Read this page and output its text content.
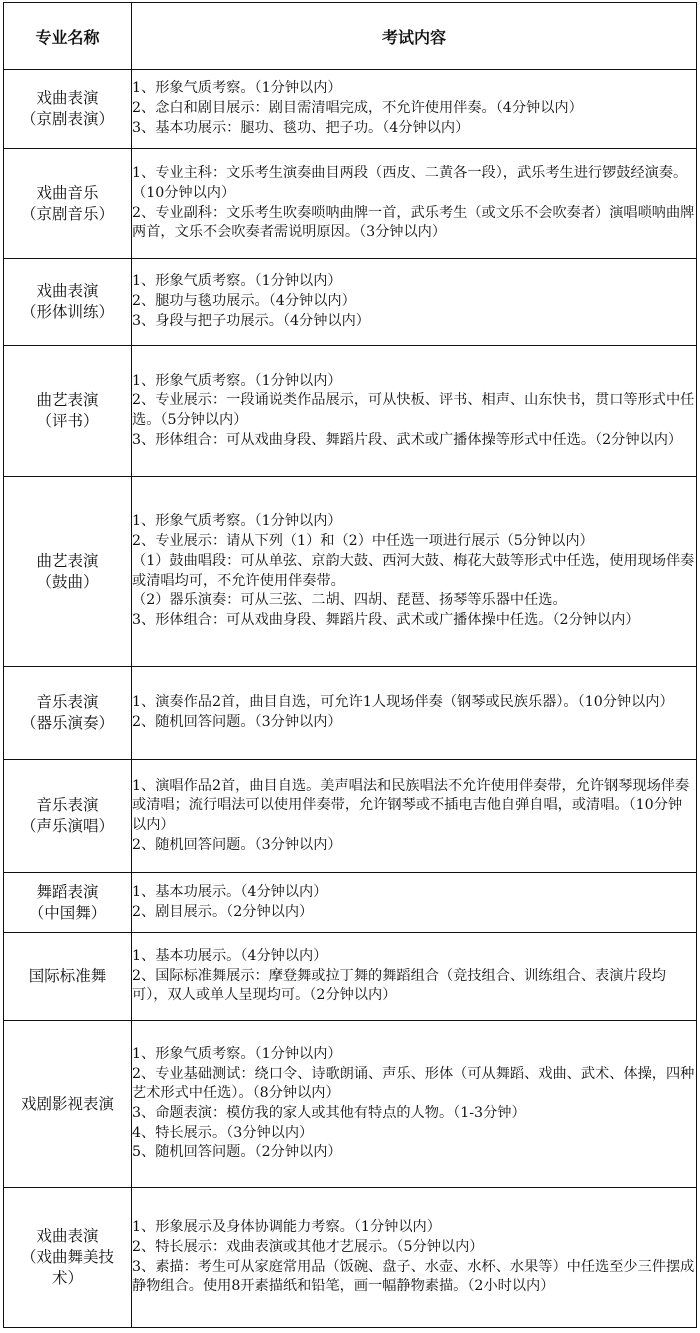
专业名称	考试内容

戏曲表演
（京剧表演）	1、形象气质考察。（1分钟以内）
2、念白和剧目展示：剧目需清唱完成，不允许使用伴奏。（4分钟以内）
3、基本功展示：腿功、毯功、把子功。（4分钟以内）

戏曲音乐
（京剧音乐）	1、专业主科：文乐考生演奏曲目两段（西皮、二黄各一段），武乐考生进行锣鼓经演奏。（10分钟以内）
2、专业副科：文乐考生吹奏唢呐曲牌一首，武乐考生（或文乐不会吹奏者）演唱唢呐曲牌两首，文乐不会吹奏者需说明原因。（3分钟以内）

戏曲表演
（形体训练）	1、形象气质考察。（1分钟以内）
2、腿功与毯功展示。（4分钟以内）
3、身段与把子功展示。（4分钟以内）

曲艺表演
（评书）	1、形象气质考察。（1分钟以内）
2、专业展示：一段诵说类作品展示，可从快板、评书、相声、山东快书，贯口等形式中任选。（5分钟以内）
3、形体组合：可从戏曲身段、舞蹈片段、武术或广播体操等形式中任选。（2分钟以内）

曲艺表演
（鼓曲）	1、形象气质考察。（1分钟以内）
2、专业展示：请从下列（1）和（2）中任选一项进行展示（5分钟以内）
（1）鼓曲唱段：可从单弦、京韵大鼓、西河大鼓、梅花大鼓等形式中任选，使用现场伴奏或清唱均可，不允许使用伴奏带。
（2）器乐演奏：可从三弦、二胡、四胡、琵琶、扬琴等乐器中任选。
3、形体组合：可从戏曲身段、舞蹈片段、武术或广播体操中任选。（2分钟以内）

音乐表演
（器乐演奏）	1、演奏作品2首，曲目自选，可允许1人现场伴奏（钢琴或民族乐器）。（10分钟以内）
2、随机回答问题。（3分钟以内）

音乐表演
（声乐演唱）	1、演唱作品2首，曲目自选。美声唱法和民族唱法不允许使用伴奏带，允许钢琴现场伴奏或清唱；流行唱法可以使用伴奏带，允许钢琴或不插电吉他自弹自唱，或清唱。（10分钟以内）
2、随机回答问题。（3分钟以内）

舞蹈表演
（中国舞）	1、基本功展示。（4分钟以内）
2、剧目展示。（2分钟以内）

国际标准舞	1、基本功展示。（4分钟以内）
2、国际标准舞展示：摩登舞或拉丁舞的舞蹈组合（竞技组合、训练组合、表演片段均可），双人或单人呈现均可。（2分钟以内）

戏剧影视表演	1、形象气质考察。（1分钟以内）
2、专业基础测试：绕口令、诗歌朗诵、声乐、形体（可从舞蹈、戏曲、武术、体操，四种艺术形式中任选）。（8分钟以内）
3、命题表演：模仿我的家人或其他有特点的人物。（1-3分钟）
4、特长展示。（3分钟以内）
5、随机回答问题。（2分钟以内）

戏曲表演
（戏曲舞美技
术）	1、形象展示及身体协调能力考察。（1分钟以内）
2、特长展示：戏曲表演或其他才艺展示。（5分钟以内）
3、素描：考生可从家庭常用品（饭碗、盘子、水壶、水杯、水果等）中任选至少三件摆成静物组合。使用8开素描纸和铅笔，画一幅静物素描。（2小时以内）
